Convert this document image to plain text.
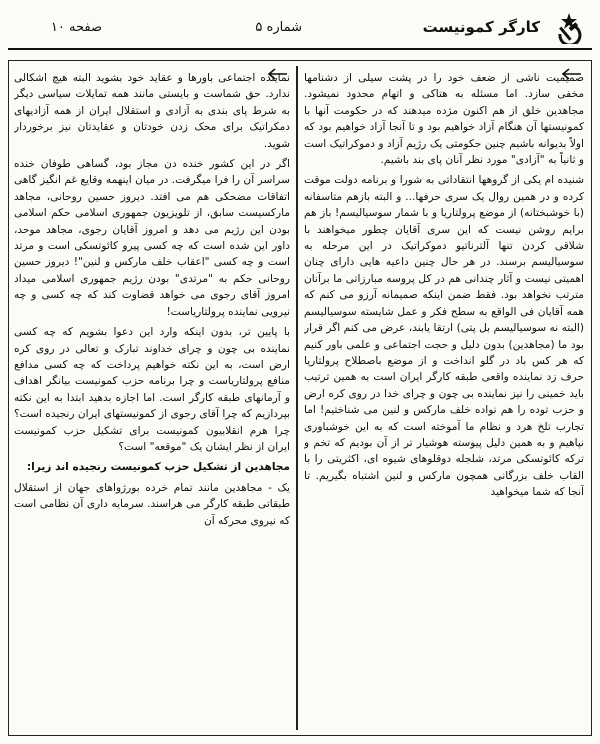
کارگر کمونیست
شماره ۵
صفحه ۱۰

صمیمیت ناشی از ضعف خود را در پشت سیلی از دشنامها مخفی سازد. اما مسئله به هتاکی و اتهام محدود نمیشود. مجاهدین خلق از هم اکنون مژده میدهند که در حکومت آنها با کمونیستها آن هنگام آزاد خواهیم بود و تا آنجا آزاد خواهیم بود که اولاً بدیوانه باشیم چنین حکومتی یک رژیم آزاد و دموکراتیک است و ثانیاً به "آزادی" مورد نظر آنان پای بند باشیم.

شنیده ام یکی از گروهها انتقاداتی به شورا و برنامه دولت موقت کرده و در همین روال یک سری حرفها... و البته بازهم متاسفانه (با خوشبختانه) از موضع پرولتاریا و با شمار سوسیالیسم! باز هم برایم روشن نیست که این سری آقایان چطور میخواهند با شلاقی کردن تنها آلترناتیو دموکراتیک در این مرحله به سوسیالیسم برسند. در هر حال چنین داعیه هایی دارای چنان اهمیتی نیست و آثار چندانی هم در کل پروسه مبارزاتی ما برآنان مترتب نخواهد بود. فقط ضمن اینکه صمیمانه آرزو می کنم که همه آقایان فی الواقع به سطح فکر و عمل شایسته سوسیالیسم (البته نه سوسیالیسم بل پتی) ارتقا یابند، عرض می کنم اگر قرار بود ما (مجاهدین) بدون دلیل و حجت اجتماعی و علمی باور کنیم که هر کس باد در گلو انداخت و از موضع باصطلاح پرولتاریا حرف زد نماینده واقعی طبقه کارگر ایران است به همین ترتیب باید خمینی را نیز نماینده بی چون و چرای خدا در روی کره ارض و حزب توده را هم نواده خلف مارکس و لنین می شناختیم! اما تجارب تلخ هرد و نظام ما آموخته است که به این خوشباوری نپاهیم و به همین دلیل پیوسته هوشیار تر از آن بودیم که تخم و ترکه کائوتسکی مرتد، شلجله دوقلوهای شیوه ای، اکثریتی را با القاب خلف بزرگانی همچون مارکس و لنین اشتباه بگیریم. تا آنجا که شما میخواهید

نماینده اجتماعی باورها و عقاید خود بشوید البته هیچ اشکالی ندارد. حق شماست و بایستی مانند همه تمایلات سیاسی دیگر به شرط پای بندی به آزادی و استقلال ایران از همه آزادیهای دمکراتیک برای محک زدن خودتان و عقایدتان نیز برخوردار شوید.

اگر در این کشور خنده دن مجاز بود، گساهی طوفان خنده سراسر آن را فرا میگرفت. در میان اینهمه وقایع غم انگیز گاهی اتفاقات مضحکی هم می افتد. دیروز حسین روحانی، مجاهد مارکسیست سابق، از تلویزیون جمهوری اسلامی حکم اسلامی بودن این رژیم می دهد و امروز آقایان رجوی، مجاهد موحد، داور این شده است که چه کسی پیرو کائوتسکی است و مرتد است و چه کسی "اعقاب خلف مارکس و لنین"! دیروز حسین روحانی حکم به "مرتدی" بودن رژیم جمهوری اسلامی میداد امروز آقای رجوی می خواهد قضاوت کند که چه کسی و چه نیرویی نماینده پرولتاریاست!

با پایین تر، بدون اینکه وارد این دعوا بشویم که چه کسی نماینده بی چون و چرای خداوند تبارک و تعالی در روی کره ارض است، به این نکته خواهیم پرداخت که چه کسی مدافع منافع پرولتاریاست و چرا برنامه حزب کمونیست بیانگر اهداف و آرمانهای طبقه کارگر است. اما اجازه بدهید ابتدا به این نکته بپردازیم که چرا آقای رجوی از کمونیستهای ایران رنجیده است؟ چرا هرم انقلابیون کمونیست برای تشکیل حزب کمونیست ایران از نظر ایشان یک "موقعه" است؟

مجاهدین از تشکیل حزب کمونیست رنجیده اند زیرا:

یک - مجاهدین مانند تمام خرده بورژواهای جهان از استقلال طبقاتی طبقه کارگر می هراسند. سرمایه داری آن نظامی است که نیروی محرکه آن
